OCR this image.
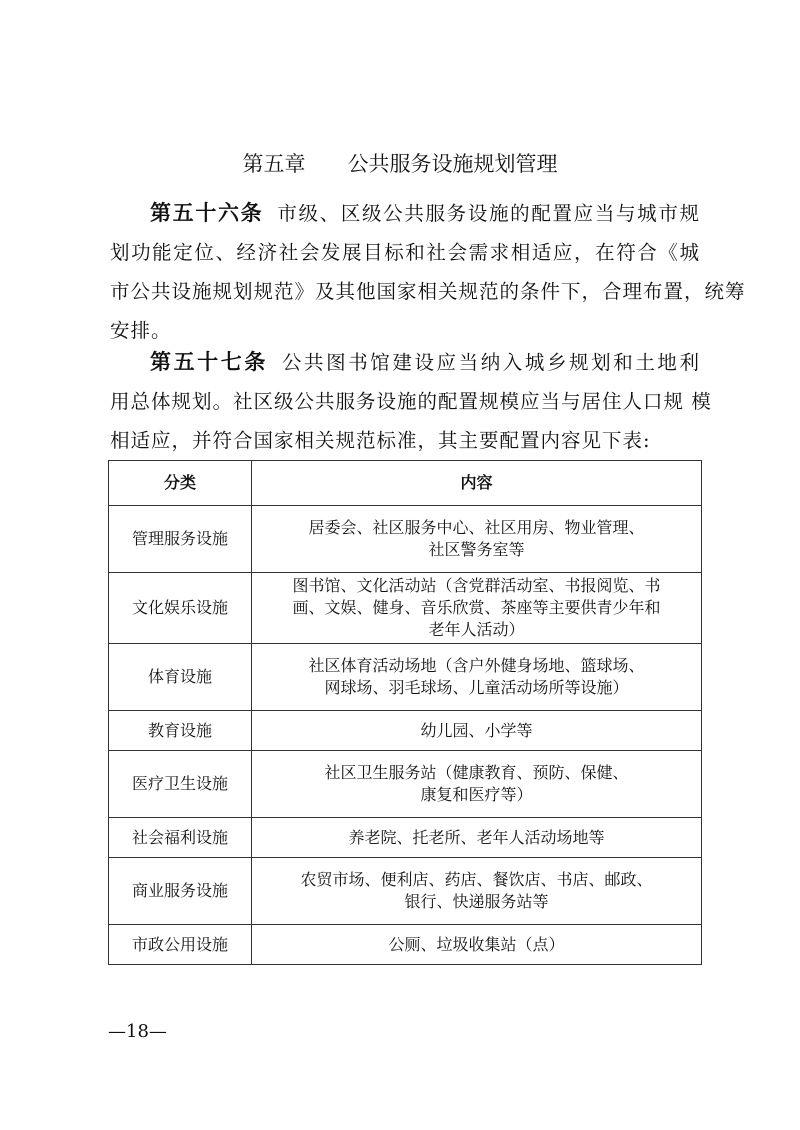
第五章　　公共服务设施规划管理
第五十六条 市级、区级公共服务设施的配置应当与城市规
划功能定位、经济社会发展目标和社会需求相适应，在符合《城
市公共设施规划规范》及其他国家相关规范的条件下，合理布置，统筹
安排。
第五十七条 公共图书馆建设应当纳入城乡规划和土地利
用总体规划。社区级公共服务设施的配置规模应当与居住人口规 模
相适应，并符合国家相关规范标准，其主要配置内容见下表:
分类	内容
管理服务设施	居委会、社区服务中心、社区用房、物业管理、
社区警务室等
文化娱乐设施	图书馆、文化活动站（含党群活动室、书报阅览、书
画、文娱、健身、音乐欣赏、茶座等主要供青少年和
老年人活动）
体育设施	社区体育活动场地（含户外健身场地、篮球场、
网球场、羽毛球场、儿童活动场所等设施）
教育设施	幼儿园、小学等
医疗卫生设施	社区卫生服务站（健康教育、预防、保健、
康复和医疗等）
社会福利设施	养老院、托老所、老年人活动场地等
商业服务设施	农贸市场、便利店、药店、餐饮店、书店、邮政、
银行、快递服务站等
市政公用设施	公厕、垃圾收集站（点）
—18—
